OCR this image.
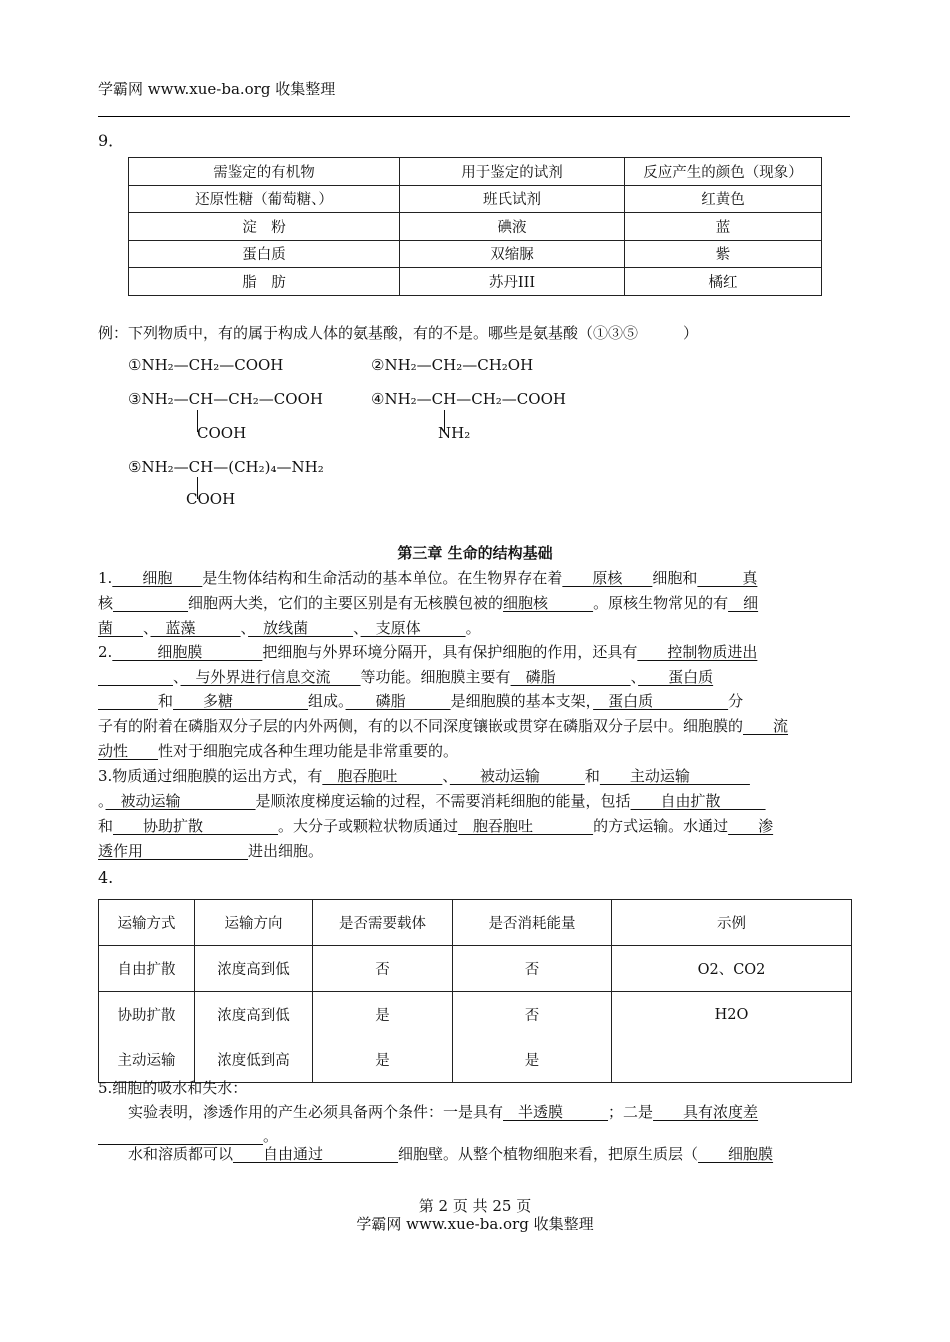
学霸网 www.xue-ba.org 收集整理
9．
需鉴定的有机物	用于鉴定的试剂	反应产生的颜色（现象）
还原性糖（葡萄糖、）	班氏试剂	红黄色
淀　粉	碘液	蓝
蛋白质	双缩脲	紫
脂　肪	苏丹III	橘红
例：下列物质中，有的属于构成人体的氨基酸，有的不是。哪些是氨基酸（①③⑤　　　）
①NH₂—CH₂—COOH	②NH₂—CH₂—CH₂OH
③NH₂—CH—CH₂—COOH
COOH
④NH₂—CH—CH₂—COOH
NH₂
⑤NH₂—CH—(CH₂)₄—NH₂
COOH
第三章 生命的结构基础
1.　　细胞　　是生物体结构和生命活动的基本单位。在生物界存在着　　原核　　细胞和　　　真
核　　　　　	细胞两大类，它们的主要区别是有无核膜包被的细胞核　　　。原核生物常见的有　细
菌　　、　蓝藻　　　、　放线菌　　　、　支原体　　　。
2.　　　细胞膜　　　　把细胞与外界环境分隔开，具有保护细胞的作用，还具有　　控制物质进出
　　　　　、　与外界进行信息交流　　等功能。细胞膜主要有　磷脂　　　　　、　　蛋白质
　　　　和　　多糖　　　　　组成。　　磷脂　　　是细胞膜的基本支架，　蛋白质　　　　　分
子有的附着在磷脂双分子层的内外两侧，有的以不同深度镶嵌或贯穿在磷脂双分子层中。细胞膜的　　流
动性　　性对于细胞完成各种生理功能是非常重要的。
3.物质通过细胞膜的运出方式，有　胞吞胞吐　　　、　　被动运输　　　和　　主动运输　　　　
。　被动运输　　　　　是顺浓度梯度运输的过程，不需要消耗细胞的能量，包括　　自由扩散　　　
和　　协助扩散　　　　　。大分子或颗粒状物质通过　胞吞胞吐　　　　的方式运输。水通过　　渗
透作用　　　　　　　进出细胞。
4.
运输方式	运输方向	是否需要载体	是否消耗能量	示例
自由扩散	浓度高到低	否	否	O2、CO2
协助扩散	浓度高到低	是	否	H2O
主动运输	浓度低到高	是	是	
5.细胞的吸水和失水：
　　实验表明，渗透作用的产生必须具备两个条件：一是具有　半透膜　　　；二是　　具有浓度差
　　　　　　　　　　　。
　　水和溶质都可以　　自由通过　　　　　细胞壁。从整个植物细胞来看，把原生质层（　　细胞膜
第 2 页 共 25 页
学霸网 www.xue-ba.org 收集整理
